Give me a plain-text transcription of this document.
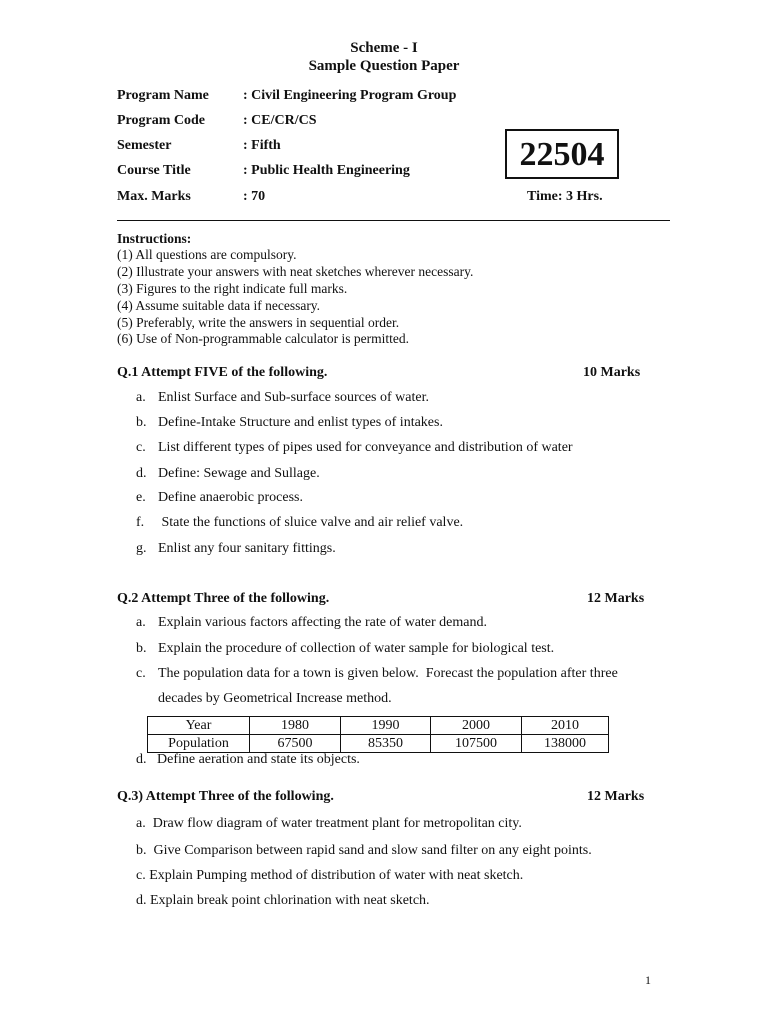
Scheme - I
Sample Question Paper
Program Name : Civil Engineering Program Group
Program Code	: CE/CR/CS
Semester	: Fifth
Course Title	: Public Health Engineering
Max. Marks	: 70
22504
Time: 3 Hrs.
Instructions:
(1) All questions are compulsory.
(2) Illustrate your answers with neat sketches wherever necessary.
(3) Figures to the right indicate full marks.
(4) Assume suitable data if necessary.
(5) Preferably, write the answers in sequential order.
(6) Use of Non-programmable calculator is permitted.
Q.1 Attempt FIVE of the following.	10 Marks
a. Enlist Surface and Sub-surface sources of water.
b. Define-Intake Structure and enlist types of intakes.
c. List different types of pipes used for conveyance and distribution of water
d. Define: Sewage and Sullage.
e. Define anaerobic process.
f. State the functions of sluice valve and air relief valve.
g. Enlist any four sanitary fittings.
Q.2 Attempt Three of the following.	12 Marks
a. Explain various factors affecting the rate of water demand.
b. Explain the procedure of collection of water sample for biological test.
c. The population data for a town is given below.  Forecast the population after three
decades by Geometrical Increase method.
Year	1980	1990	2000	2010
Population	67500	85350	107500	138000
d.   Define aeration and state its objects.
Q.3) Attempt Three of the following.	12 Marks
a.  Draw flow diagram of water treatment plant for metropolitan city.
b.  Give Comparison between rapid sand and slow sand filter on any eight points.
c. Explain Pumping method of distribution of water with neat sketch.
d. Explain break point chlorination with neat sketch.
1
